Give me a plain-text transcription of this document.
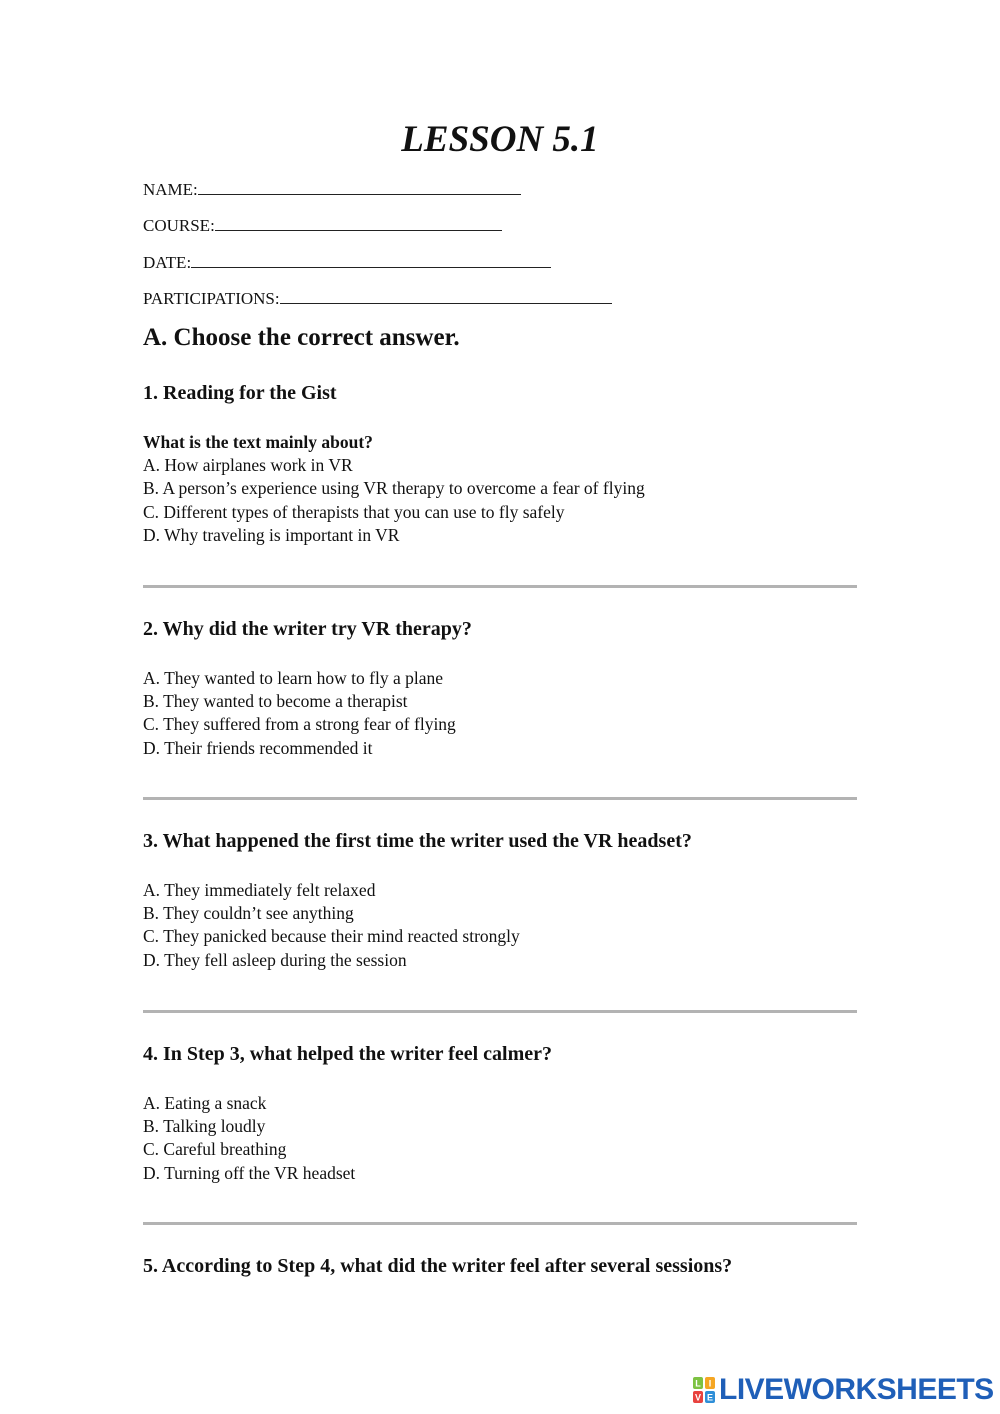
LESSON 5.1
NAME:
COURSE:
DATE:
PARTICIPATIONS:
A. Choose the correct answer.
1. Reading for the Gist
What is the text mainly about?
A. How airplanes work in VR
B. A person’s experience using VR therapy to overcome a fear of flying
C. Different types of therapists that you can use to fly safely
D. Why traveling is important in VR
2. Why did the writer try VR therapy?
A. They wanted to learn how to fly a plane
B. They wanted to become a therapist
C. They suffered from a strong fear of flying
D. Their friends recommended it
3. What happened the first time the writer used the VR headset?
A. They immediately felt relaxed
B. They couldn’t see anything
C. They panicked because their mind reacted strongly
D. They fell asleep during the session
4. In Step 3, what helped the writer feel calmer?
A. Eating a snack
B. Talking loudly
C. Careful breathing
D. Turning off the VR headset
5. According to Step 4, what did the writer feel after several sessions?
L I
V E LIVEWORKSHEETS
